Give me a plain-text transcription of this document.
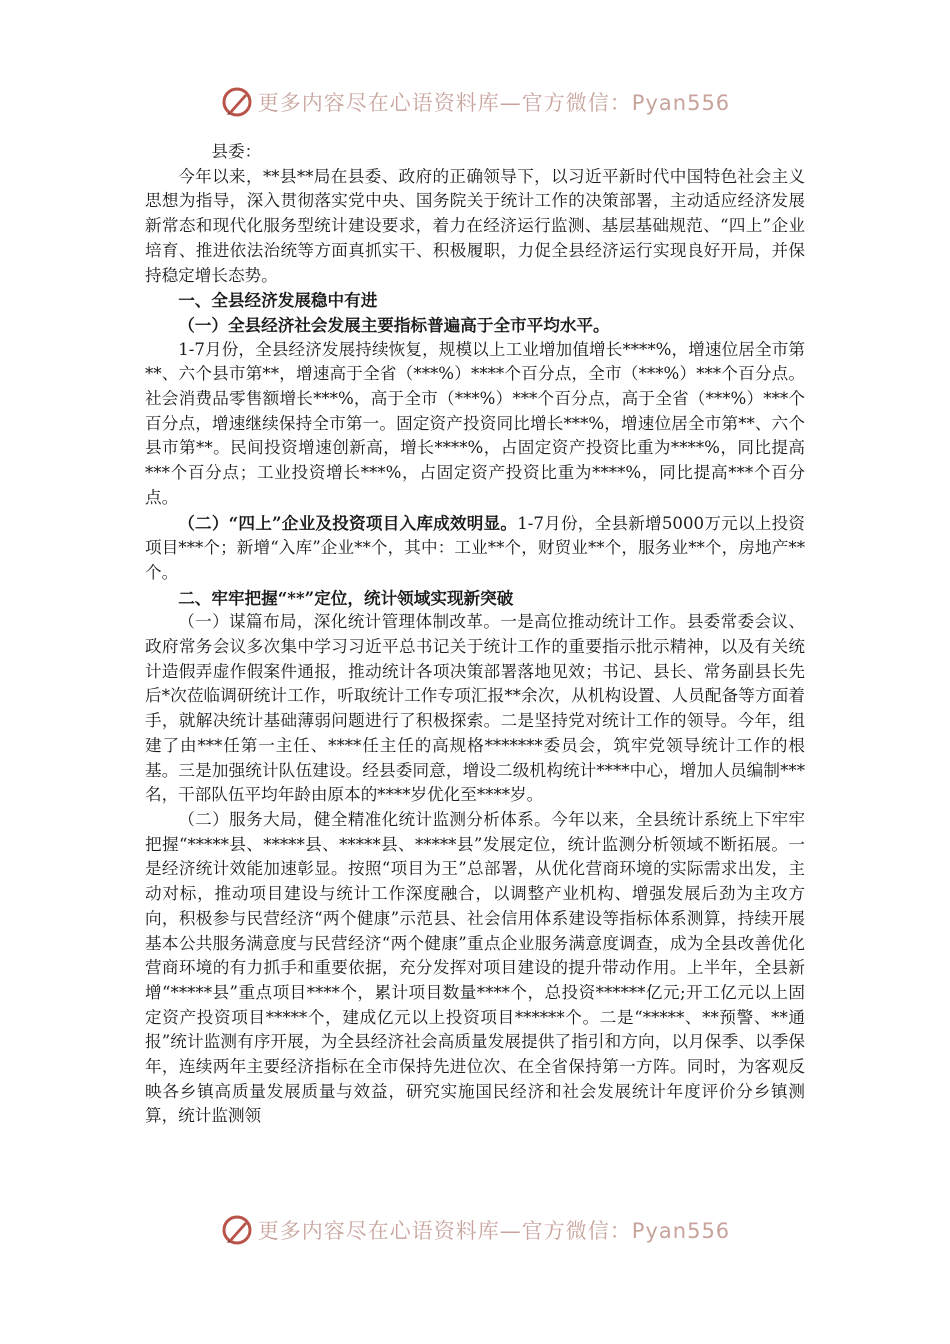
更多内容尽在心语资料库—官方微信：Pyan556

县委：

今年以来，**县**局在县委、政府的正确领导下，以习近平新时代中国特色社会主义思想为指导，深入贯彻落实党中央、国务院关于统计工作的决策部署，主动适应经济发展新常态和现代化服务型统计建设要求，着力在经济运行监测、基层基础规范、“四上”企业培育、推进依法治统等方面真抓实干、积极履职，力促全县经济运行实现良好开局，并保持稳定增长态势。

一、全县经济发展稳中有进

（一）全县经济社会发展主要指标普遍高于全市平均水平。

1-7月份，全县经济发展持续恢复，规模以上工业增加值增长****%，增速位居全市第**、六个县市第**，增速高于全省（***%）****个百分点，全市（***%）***个百分点。社会消费品零售额增长***%，高于全市（***%）***个百分点，高于全省（***%）***个百分点，增速继续保持全市第一。固定资产投资同比增长***%，增速位居全市第**、六个县市第**。民间投资增速创新高，增长****%，占固定资产投资比重为****%，同比提高***个百分点；工业投资增长***%，占固定资产投资比重为****%，同比提高***个百分点。

（二）“四上”企业及投资项目入库成效明显。1-7月份，全县新增5000万元以上投资项目***个；新增“入库”企业**个，其中：工业**个，财贸业**个，服务业**个，房地产**个。

二、牢牢把握“**”定位，统计领域实现新突破

（一）谋篇布局，深化统计管理体制改革。一是高位推动统计工作。县委常委会议、政府常务会议多次集中学习习近平总书记关于统计工作的重要指示批示精神，以及有关统计造假弄虚作假案件通报，推动统计各项决策部署落地见效；书记、县长、常务副县长先后*次莅临调研统计工作，听取统计工作专项汇报**余次，从机构设置、人员配备等方面着手，就解决统计基础薄弱问题进行了积极探索。二是坚持党对统计工作的领导。今年，组建了由***任第一主任、****任主任的高规格*******委员会，筑牢党领导统计工作的根基。三是加强统计队伍建设。经县委同意，增设二级机构统计****中心，增加人员编制***名，干部队伍平均年龄由原本的****岁优化至****岁。

（二）服务大局，健全精准化统计监测分析体系。今年以来，全县统计系统上下牢牢把握“*****县、*****县、*****县、*****县”发展定位，统计监测分析领域不断拓展。一是经济统计效能加速彰显。按照“项目为王”总部署，从优化营商环境的实际需求出发，主动对标，推动项目建设与统计工作深度融合，以调整产业机构、增强发展后劲为主攻方向，积极参与民营经济“两个健康”示范县、社会信用体系建设等指标体系测算，持续开展基本公共服务满意度与民营经济“两个健康”重点企业服务满意度调查，成为全县改善优化营商环境的有力抓手和重要依据，充分发挥对项目建设的提升带动作用。上半年，全县新增“*****县”重点项目****个，累计项目数量****个，总投资******亿元;开工亿元以上固定资产投资项目*****个，建成亿元以上投资项目******个。二是“*****、**预警、**通报”统计监测有序开展，为全县经济社会高质量发展提供了指引和方向，以月保季、以季保年，连续两年主要经济指标在全市保持先进位次、在全省保持第一方阵。同时，为客观反映各乡镇高质量发展质量与效益，研究实施国民经济和社会发展统计年度评价分乡镇测算，统计监测领

更多内容尽在心语资料库—官方微信：Pyan556
